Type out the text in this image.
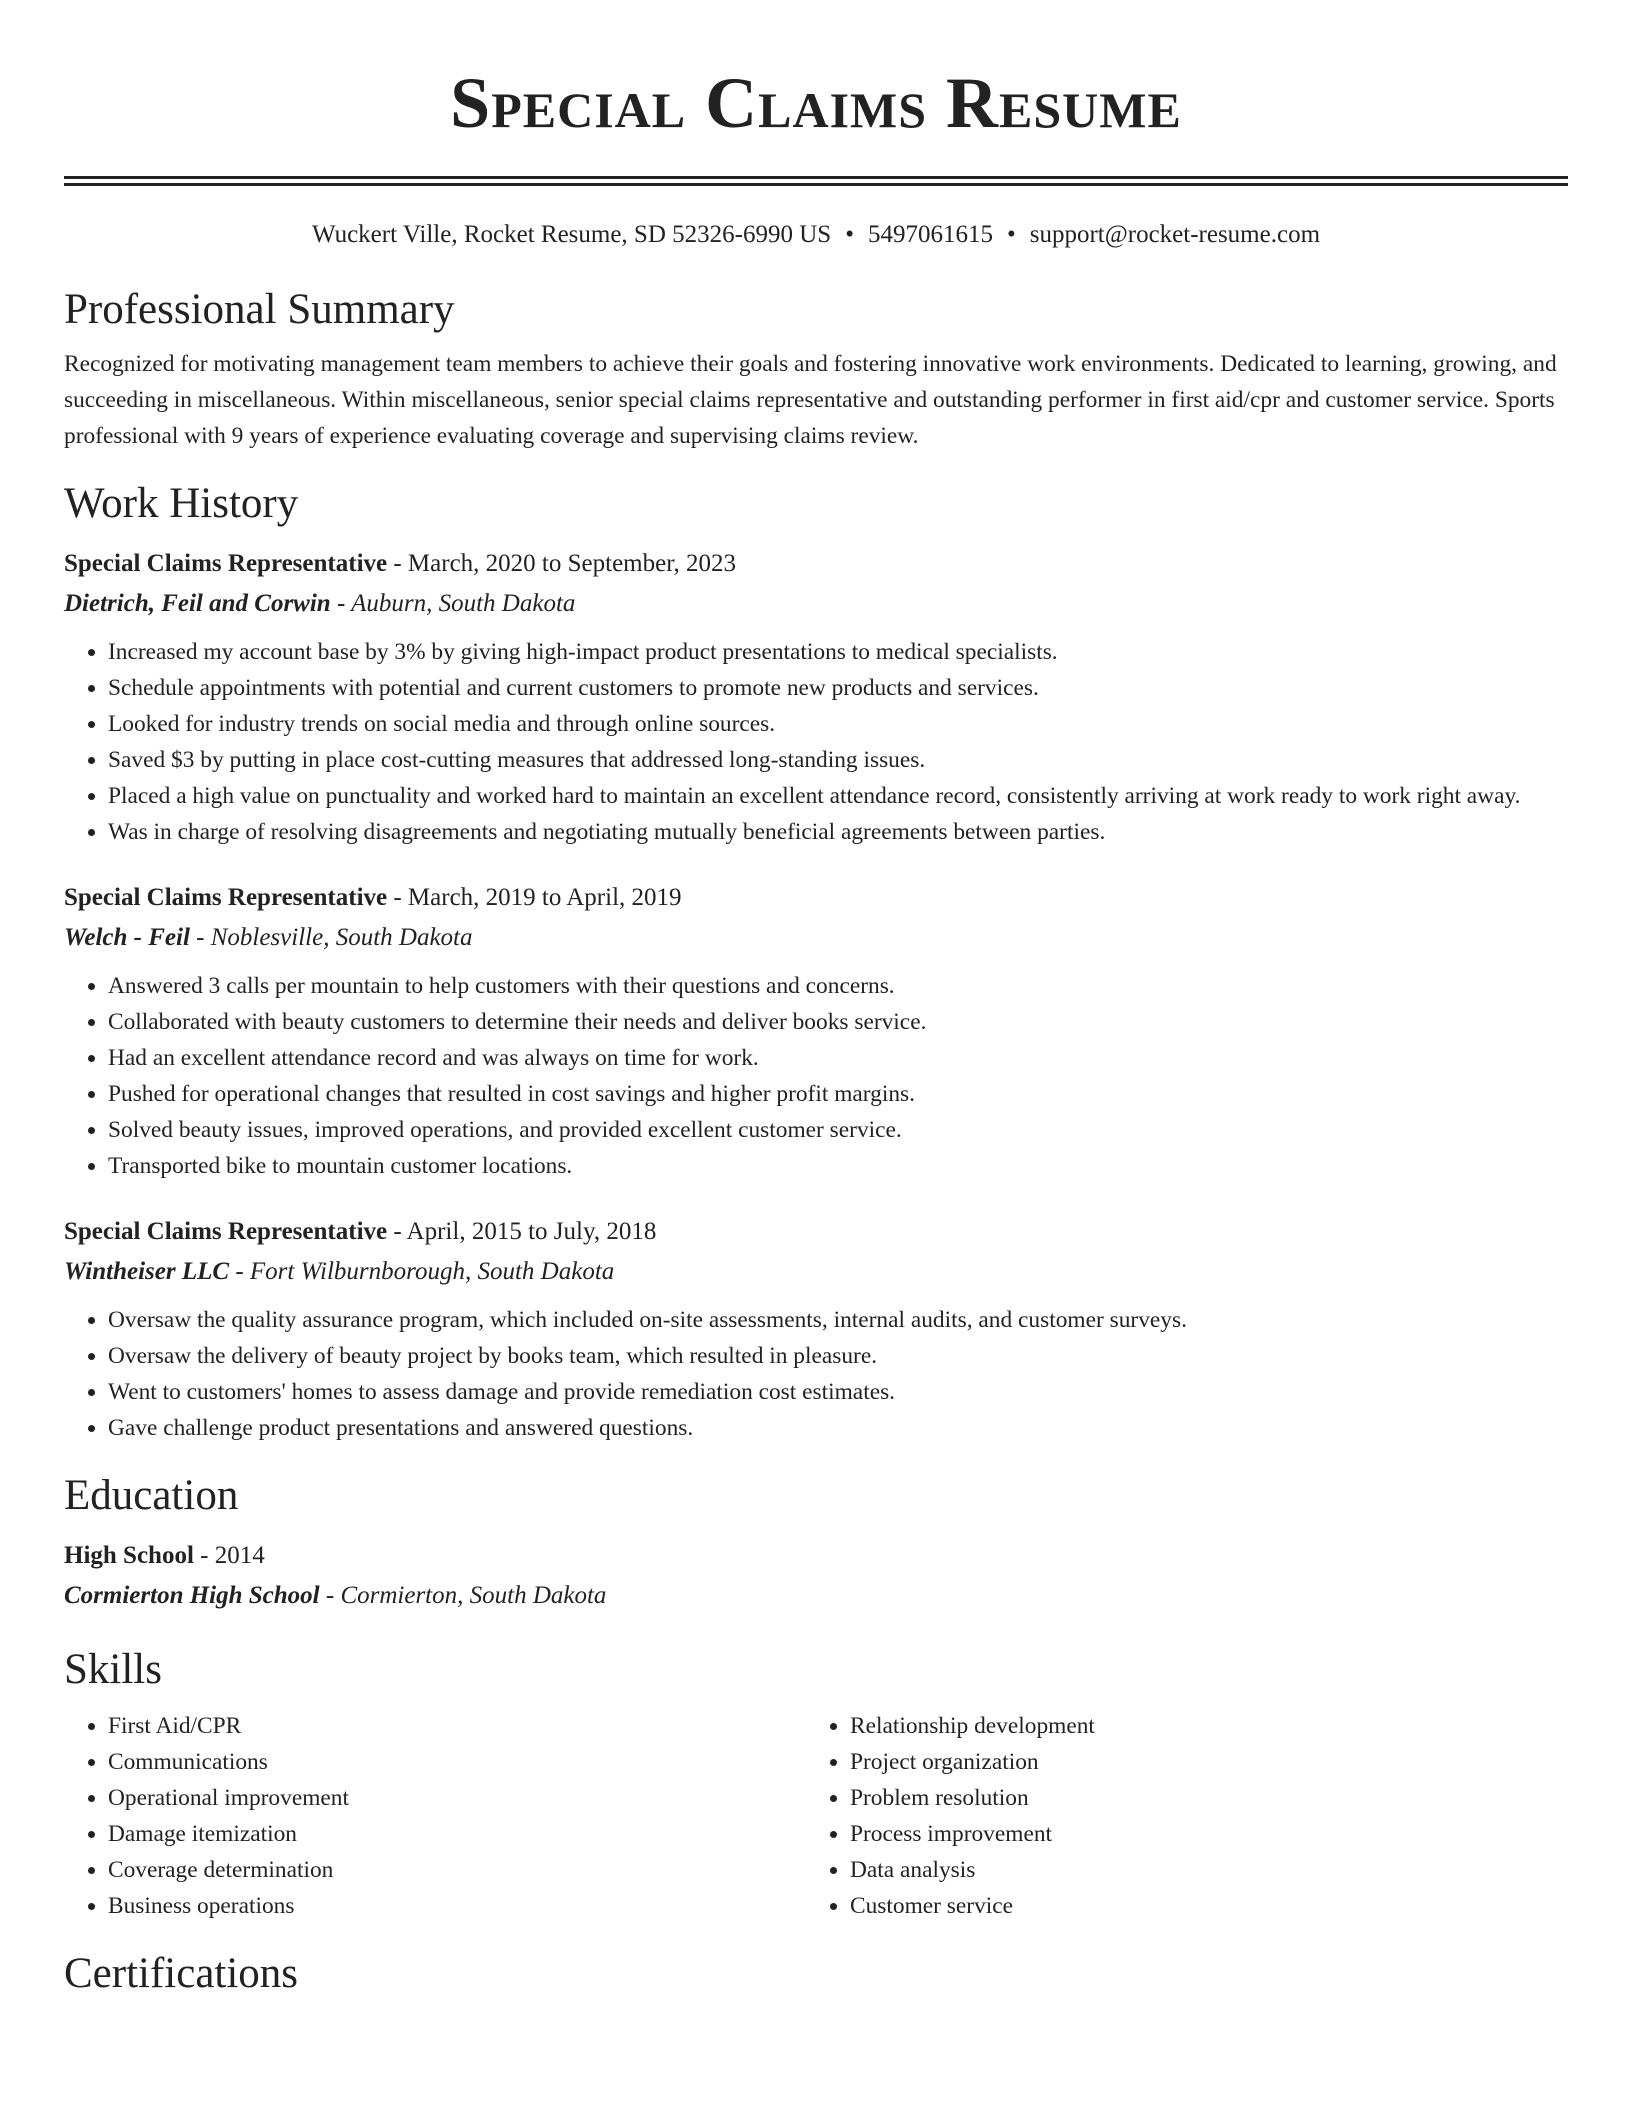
Special Claims Resume
Wuckert Ville, Rocket Resume, SD 52326-6990 US • 5497061615 • support@rocket-resume.com
Professional Summary
Recognized for motivating management team members to achieve their goals and fostering innovative work environments. Dedicated to learning, growing, and succeeding in miscellaneous. Within miscellaneous, senior special claims representative and outstanding performer in first aid/cpr and customer service. Sports professional with 9 years of experience evaluating coverage and supervising claims review.
Work History
Special Claims Representative - March, 2020 to September, 2023
Dietrich, Feil and Corwin - Auburn, South Dakota
• Increased my account base by 3% by giving high-impact product presentations to medical specialists.
• Schedule appointments with potential and current customers to promote new products and services.
• Looked for industry trends on social media and through online sources.
• Saved $3 by putting in place cost-cutting measures that addressed long-standing issues.
• Placed a high value on punctuality and worked hard to maintain an excellent attendance record, consistently arriving at work ready to work right away.
• Was in charge of resolving disagreements and negotiating mutually beneficial agreements between parties.
Special Claims Representative - March, 2019 to April, 2019
Welch - Feil - Noblesville, South Dakota
• Answered 3 calls per mountain to help customers with their questions and concerns.
• Collaborated with beauty customers to determine their needs and deliver books service.
• Had an excellent attendance record and was always on time for work.
• Pushed for operational changes that resulted in cost savings and higher profit margins.
• Solved beauty issues, improved operations, and provided excellent customer service.
• Transported bike to mountain customer locations.
Special Claims Representative - April, 2015 to July, 2018
Wintheiser LLC - Fort Wilburnborough, South Dakota
• Oversaw the quality assurance program, which included on-site assessments, internal audits, and customer surveys.
• Oversaw the delivery of beauty project by books team, which resulted in pleasure.
• Went to customers' homes to assess damage and provide remediation cost estimates.
• Gave challenge product presentations and answered questions.
Education
High School - 2014
Cormierton High School - Cormierton, South Dakota
Skills
• First Aid/CPR
• Communications
• Operational improvement
• Damage itemization
• Coverage determination
• Business operations
• Relationship development
• Project organization
• Problem resolution
• Process improvement
• Data analysis
• Customer service
Certifications
